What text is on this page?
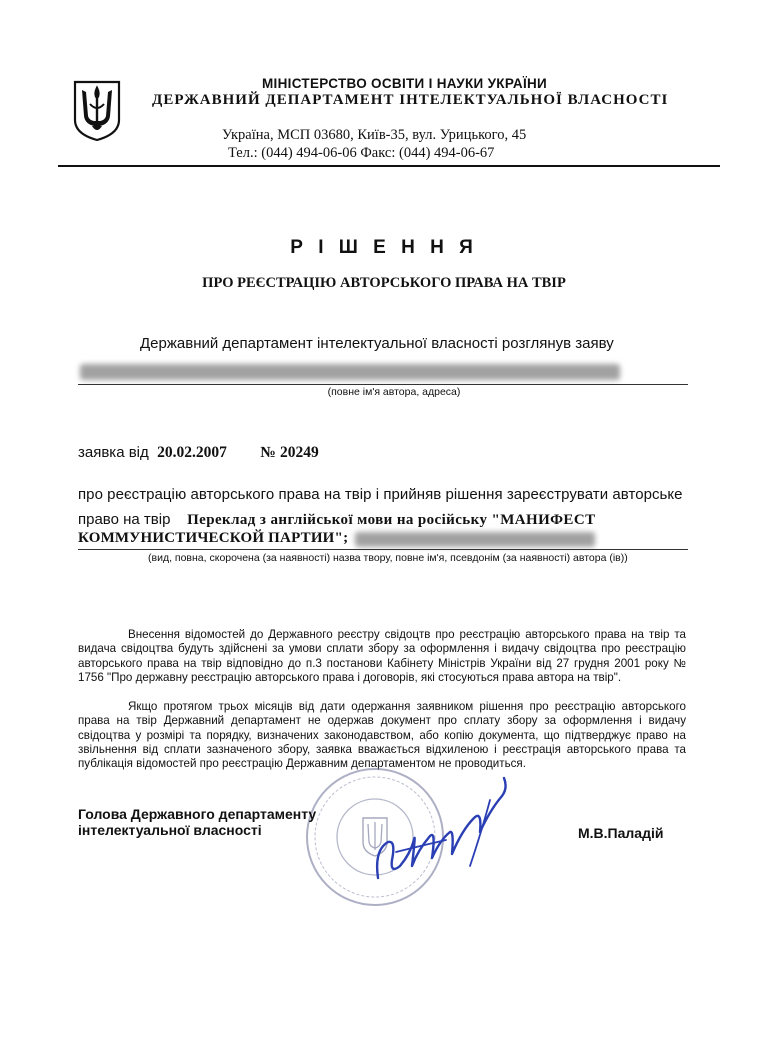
МІНІСТЕРСТВО ОСВІТИ І НАУКИ УКРАЇНИ
ДЕРЖАВНИЙ ДЕПАРТАМЕНТ ІНТЕЛЕКТУАЛЬНОЇ ВЛАСНОСТІ
Україна, МСП 03680, Київ-35, вул. Урицького, 45
Тел.: (044) 494-06-06 Факс: (044) 494-06-67
Р І Ш Е Н Н Я
ПРО РЕЄСТРАЦІЮ АВТОРСЬКОГО ПРАВА НА ТВІР
Державний департамент інтелектуальної власності розглянув заяву
(повне ім'я автора, адреса)
заявка від 20.02.2007 № 20249
про реєстрацію авторського права на твір і прийняв рішення зареєструвати авторське
право на твір Переклад з англійської мови на російську "МАНИФЕСТ
КОММУНИСТИЧЕСКОЙ ПАРТИИ";
(вид, повна, скорочена (за наявності) назва твору, повне ім'я, псевдонім (за наявності) автора (ів))
Внесення відомостей до Державного реєстру свідоцтв про реєстрацію авторського права на твір та видача свідоцтва будуть здійснені за умови сплати збору за оформлення і видачу свідоцтва про реєстрацію авторського права на твір відповідно до п.3 постанови Кабінету Міністрів України від 27 грудня 2001 року № 1756 "Про державну реєстрацію авторського права і договорів, які стосуються права автора на твір".
Якщо протягом трьох місяців від дати одержання заявником рішення про реєстрацію авторського права на твір Державний департамент не одержав документ про сплату збору за оформлення і видачу свідоцтва у розмірі та порядку, визначених законодавством, або копію документа, що підтверджує право на звільнення від сплати зазначеного збору, заявка вважається відхиленою і реєстрація авторського права та публікація відомостей про реєстрацію Державним департаментом не проводиться.
Голова Державного департаменту
інтелектуальної власності	М.В.Паладій
